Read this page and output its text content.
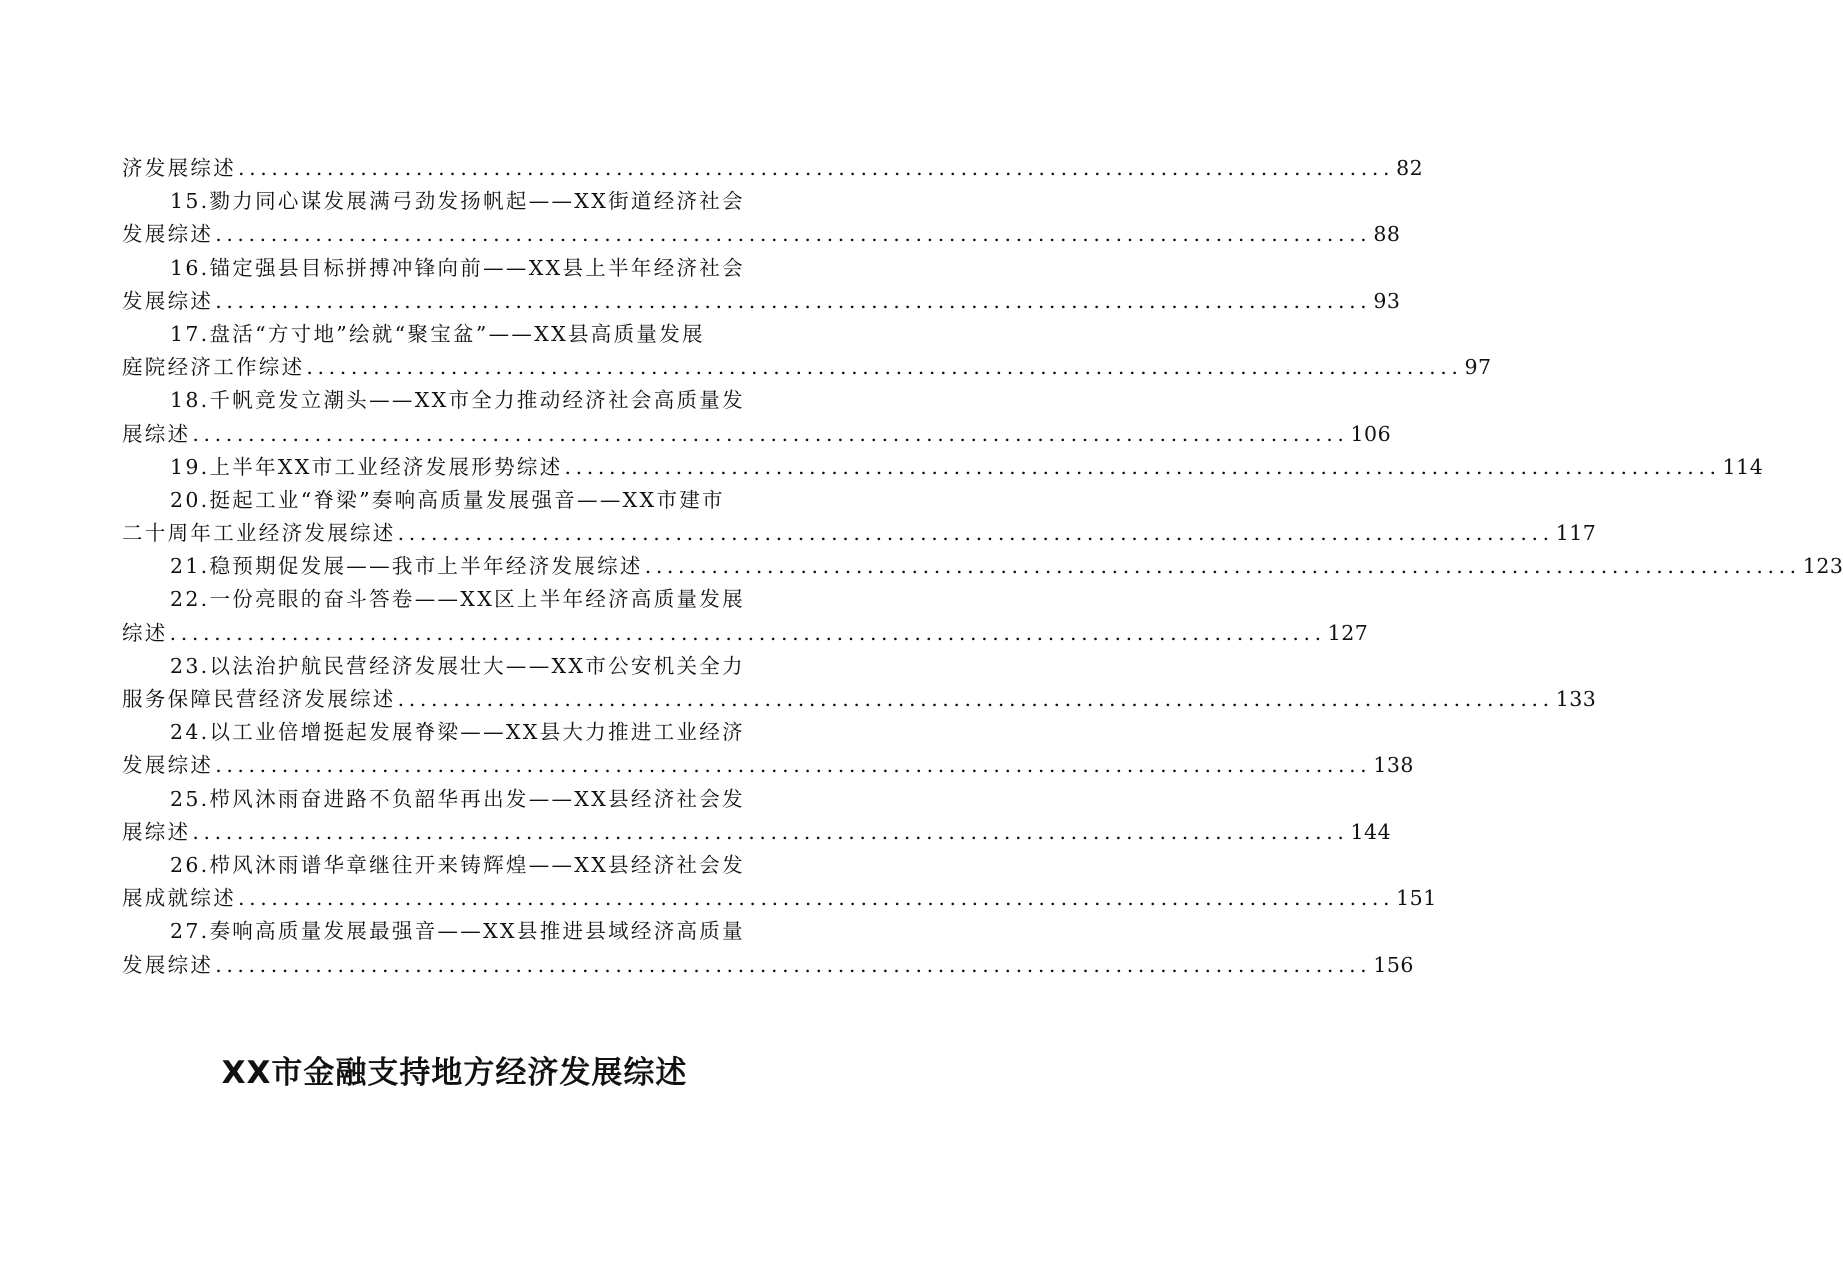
济发展综述 ........................................................................................................ 82
15.勠力同心谋发展满弓劲发扬帆起——XX街道经济社会
发展综述 ........................................................................................................ 88
16.锚定强县目标拼搏冲锋向前——XX县上半年经济社会
发展综述 ........................................................................................................ 93
17.盘活“方寸地”绘就“聚宝盆”——XX县高质量发展
庭院经济工作综述 ........................................................................................................ 97
18.千帆竞发立潮头——XX市全力推动经济社会高质量发
展综述 ........................................................................................................ 106
19.上半年XX市工业经济发展形势综述 ........................................................................................................ 114
20.挺起工业“脊梁”奏响高质量发展强音——XX市建市
二十周年工业经济发展综述 ........................................................................................................ 117
21.稳预期促发展——我市上半年经济发展综述 ........................................................................................................ 123
22.一份亮眼的奋斗答卷——XX区上半年经济高质量发展
综述 ........................................................................................................ 127
23.以法治护航民营经济发展壮大——XX市公安机关全力
服务保障民营经济发展综述 ........................................................................................................ 133
24.以工业倍增挺起发展脊梁——XX县大力推进工业经济
发展综述 ........................................................................................................ 138
25.栉风沐雨奋进路不负韶华再出发——XX县经济社会发
展综述 ........................................................................................................ 144
26.栉风沐雨谱华章继往开来铸辉煌——XX县经济社会发
展成就综述 ........................................................................................................ 151
27.奏响高质量发展最强音——XX县推进县域经济高质量
发展综述 ........................................................................................................ 156
XX市金融支持地方经济发展综述
